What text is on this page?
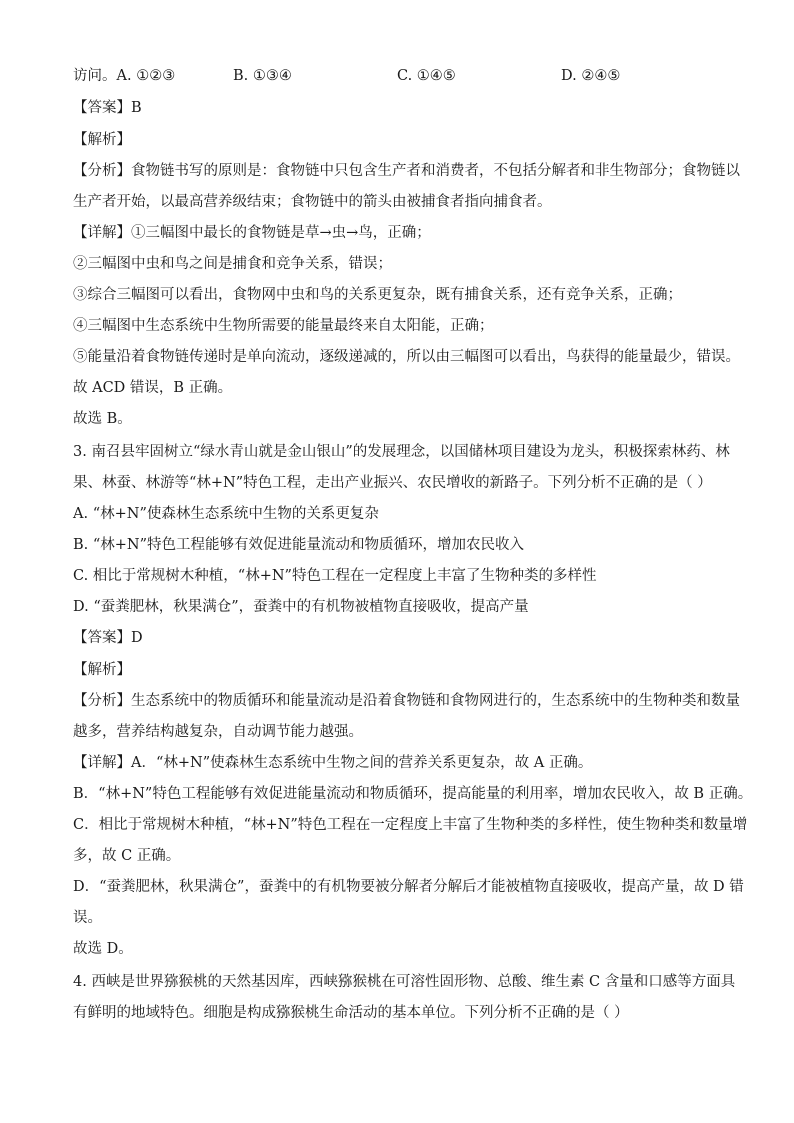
访问。A. ①②③	B. ①③④	C. ①④⑤	D. ②④⑤
【答案】B
【解析】
【分析】食物链书写的原则是：食物链中只包含生产者和消费者，不包括分解者和非生物部分；食物链以
生产者开始，以最高营养级结束；食物链中的箭头由被捕食者指向捕食者。
【详解】①三幅图中最长的食物链是草→虫→鸟，正确；
②三幅图中虫和鸟之间是捕食和竞争关系，错误；
③综合三幅图可以看出，食物网中虫和鸟的关系更复杂，既有捕食关系，还有竞争关系，正确；
④三幅图中生态系统中生物所需要的能量最终来自太阳能，正确；
⑤能量沿着食物链传递时是单向流动，逐级递减的，所以由三幅图可以看出，鸟获得的能量最少，错误。
故 ACD 错误，B 正确。
故选 B。
3. 南召县牢固树立“绿水青山就是金山银山”的发展理念，以国储林项目建设为龙头，积极探索林药、林
果、林蚕、林游等“林+N”特色工程，走出产业振兴、农民增收的新路子。下列分析不正确的是（ ）
A. “林+N”使森林生态系统中生物的关系更复杂
B. “林+N”特色工程能够有效促进能量流动和物质循环，增加农民收入
C. 相比于常规树木种植，“林+N”特色工程在一定程度上丰富了生物种类的多样性
D. “蚕粪肥林，秋果满仓”，蚕粪中的有机物被植物直接吸收，提高产量
【答案】D
【解析】
【分析】生态系统中的物质循环和能量流动是沿着食物链和食物网进行的，生态系统中的生物种类和数量
越多，营养结构越复杂，自动调节能力越强。
【详解】A．“林+N”使森林生态系统中生物之间的营养关系更复杂，故 A 正确。
B．“林+N”特色工程能够有效促进能量流动和物质循环，提高能量的利用率，增加农民收入，故 B 正确。
C．相比于常规树木种植，“林+N”特色工程在一定程度上丰富了生物种类的多样性，使生物种类和数量增
多，故 C 正确。
D．“蚕粪肥林，秋果满仓”，蚕粪中的有机物要被分解者分解后才能被植物直接吸收，提高产量，故 D 错
误。
故选 D。
4. 西峡是世界猕猴桃的天然基因库，西峡猕猴桃在可溶性固形物、总酸、维生素 C 含量和口感等方面具
有鲜明的地域特色。细胞是构成猕猴桃生命活动的基本单位。下列分析不正确的是（ ）
